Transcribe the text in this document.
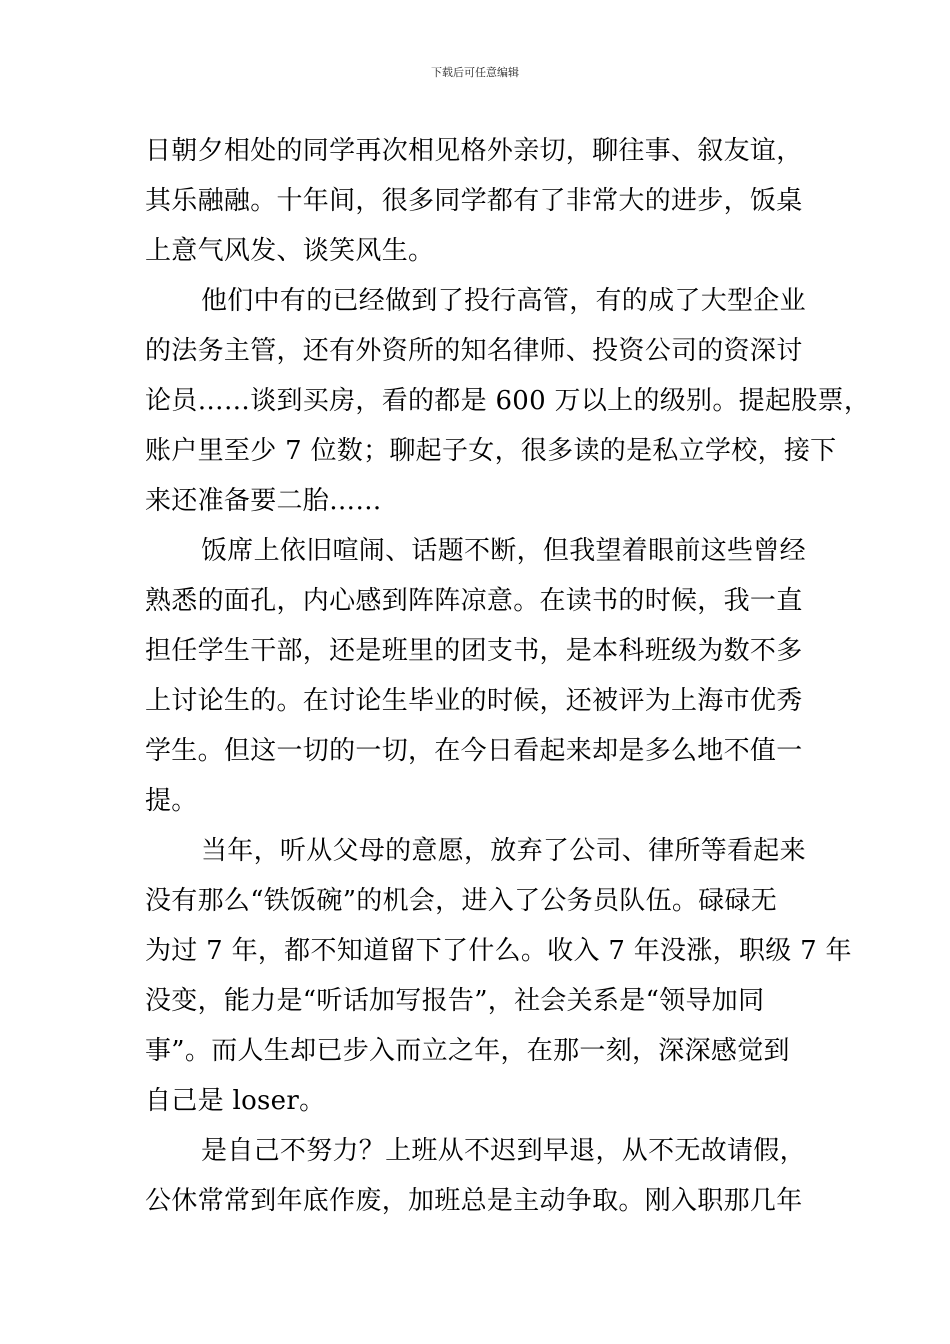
下载后可任意编辑
日朝夕相处的同学再次相见格外亲切，聊往事、叙友谊，
其乐融融。十年间，很多同学都有了非常大的进步，饭桌
上意气风发、谈笑风生。
他们中有的已经做到了投行高管，有的成了大型企业
的法务主管，还有外资所的知名律师、投资公司的资深讨
论员……谈到买房，看的都是 600 万以上的级别。提起股票，
账户里至少 7 位数；聊起子女，很多读的是私立学校，接下
来还准备要二胎……
饭席上依旧喧闹、话题不断，但我望着眼前这些曾经
熟悉的面孔，内心感到阵阵凉意。在读书的时候，我一直
担任学生干部，还是班里的团支书，是本科班级为数不多
上讨论生的。在讨论生毕业的时候，还被评为上海市优秀
学生。但这一切的一切，在今日看起来却是多么地不值一
提。
当年，听从父母的意愿，放弃了公司、律所等看起来
没有那么“铁饭碗”的机会，进入了公务员队伍。碌碌无
为过 7 年，都不知道留下了什么。收入 7 年没涨，职级 7 年
没变，能力是“听话加写报告”，社会关系是“领导加同
事”。而人生却已步入而立之年，在那一刻，深深感觉到
自己是 loser。
是自己不努力？上班从不迟到早退，从不无故请假，
公休常常到年底作废，加班总是主动争取。刚入职那几年
